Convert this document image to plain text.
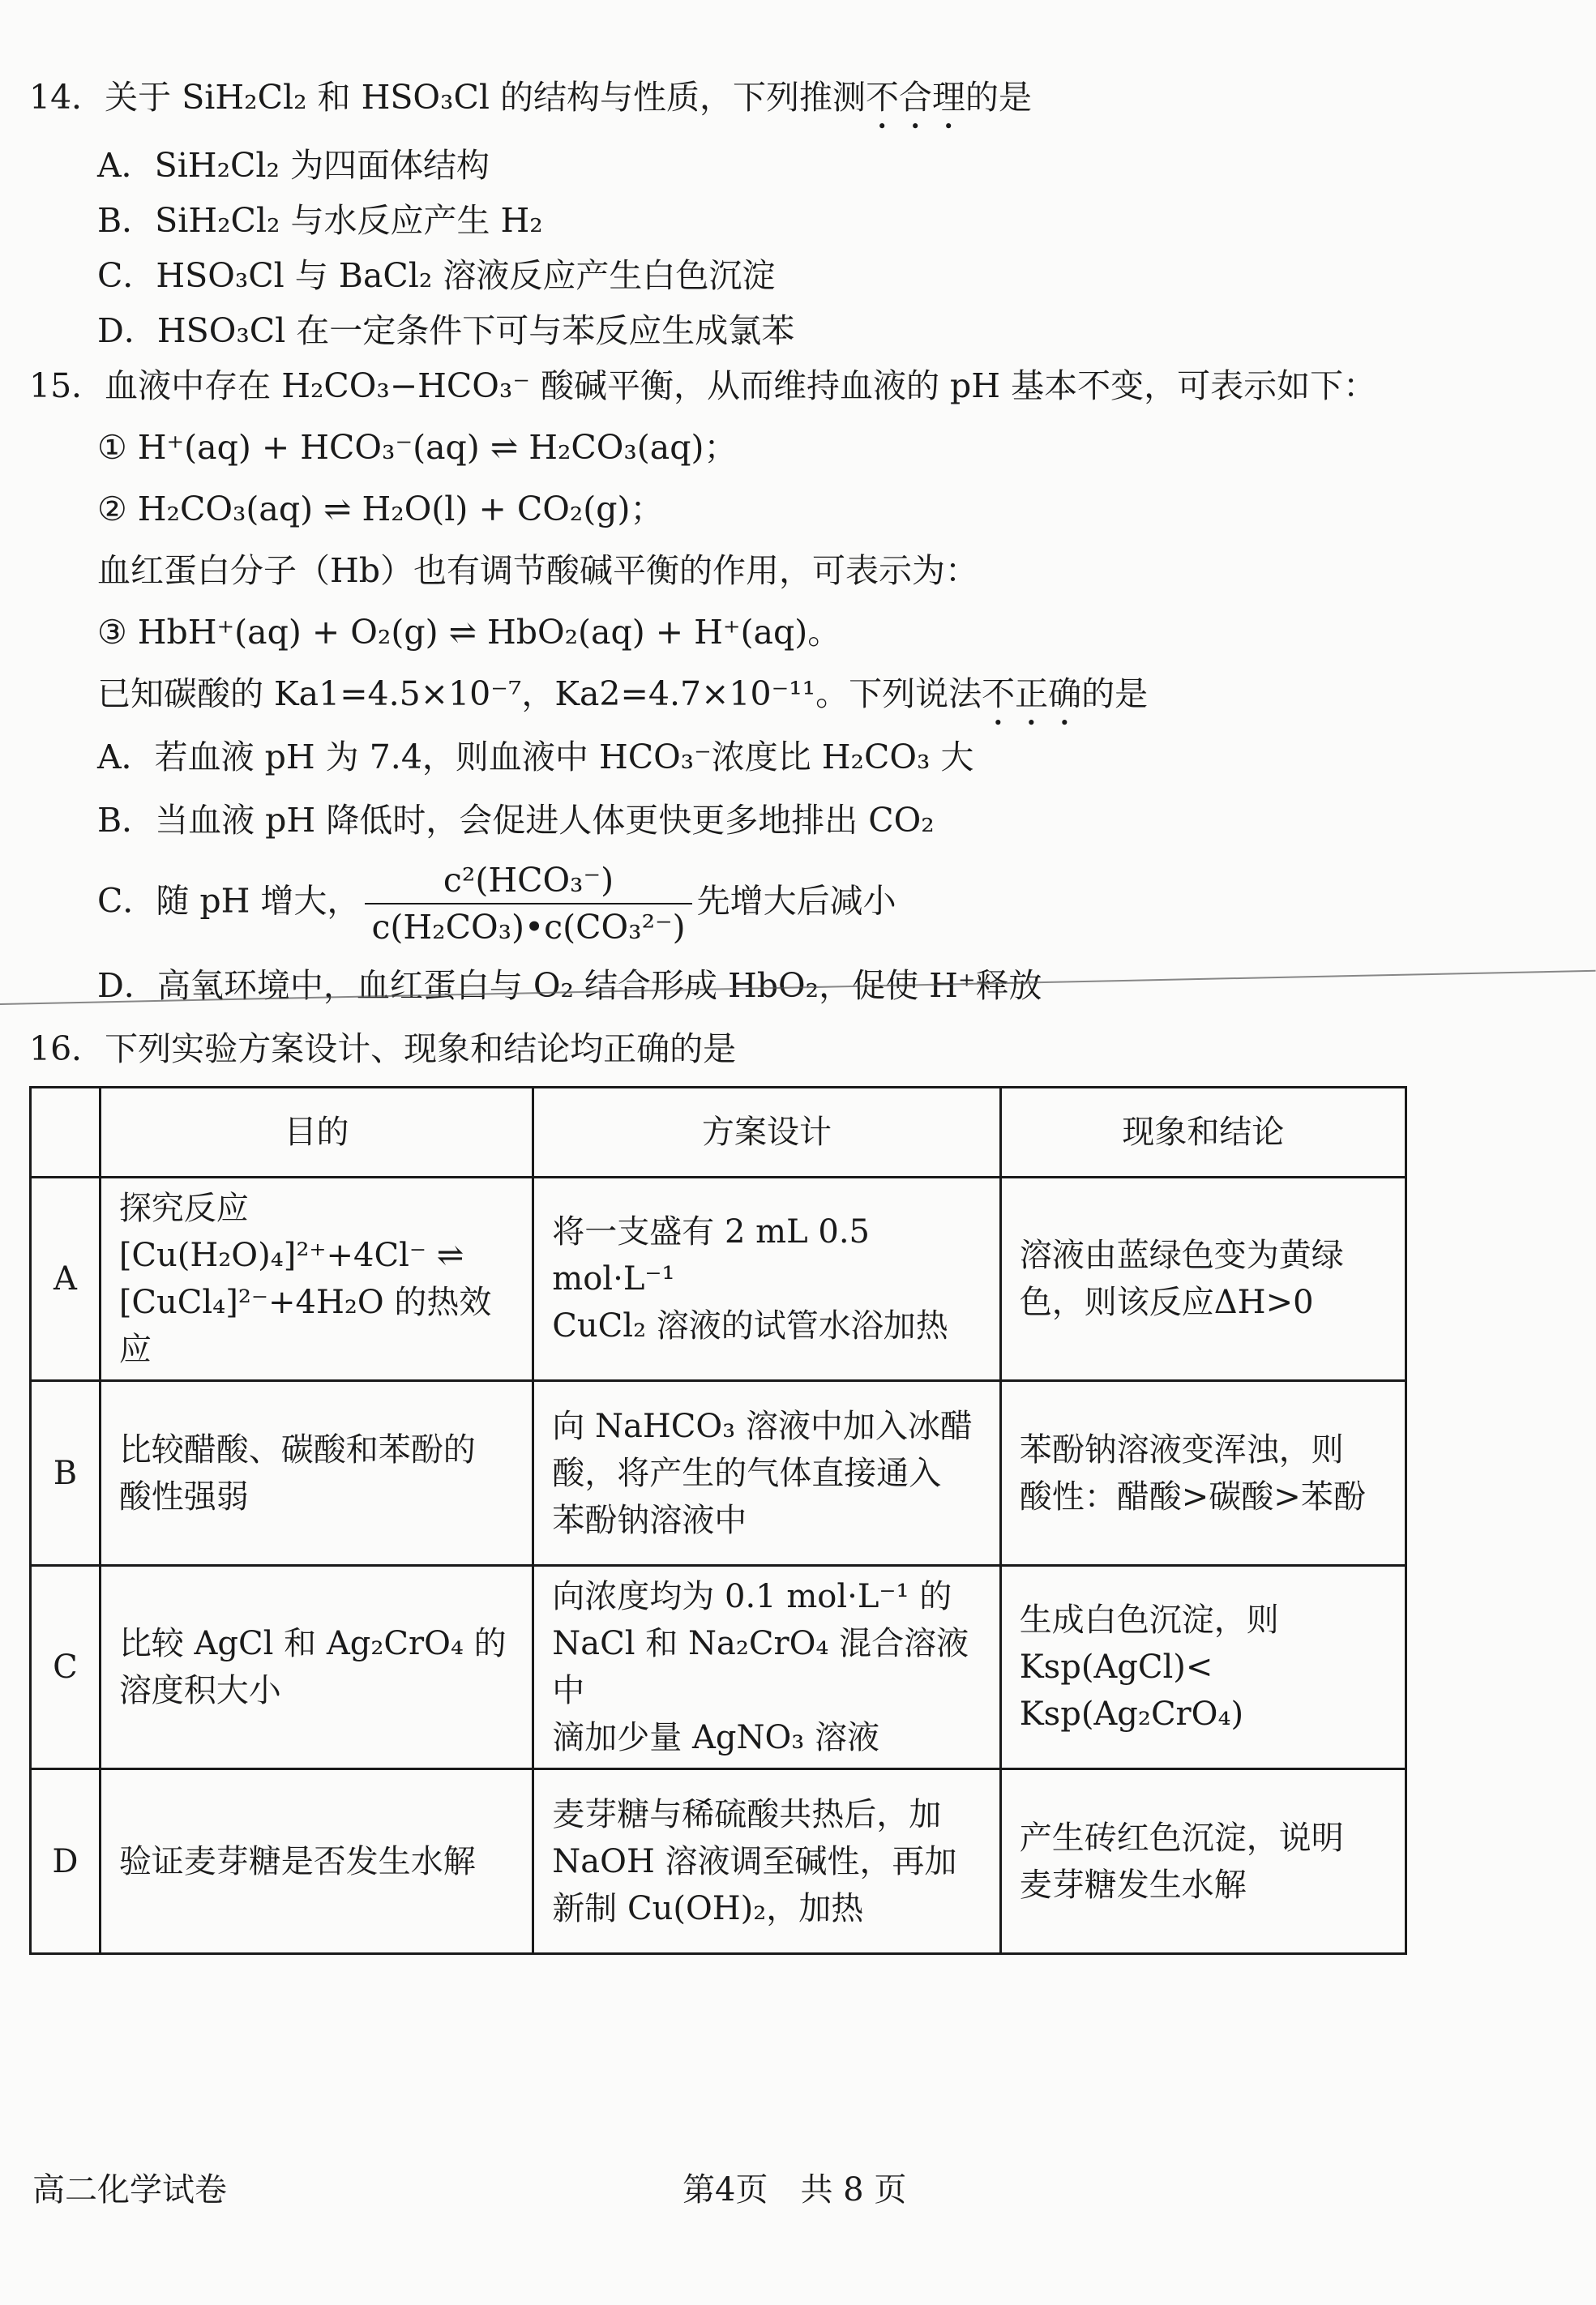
14．关于 SiH₂Cl₂ 和 HSO₃Cl 的结构与性质，下列推测不合理的是
A．SiH₂Cl₂ 为四面体结构
B．SiH₂Cl₂ 与水反应产生 H₂
C．HSO₃Cl 与 BaCl₂ 溶液反应产生白色沉淀
D．HSO₃Cl 在一定条件下可与苯反应生成氯苯
15．血液中存在 H₂CO₃−HCO₃⁻ 酸碱平衡，从而维持血液的 pH 基本不变，可表示如下：
① H⁺(aq) + HCO₃⁻(aq) ⇌ H₂CO₃(aq)；
② H₂CO₃(aq) ⇌ H₂O(l) + CO₂(g)；
血红蛋白分子（Hb）也有调节酸碱平衡的作用，可表示为：
③ HbH⁺(aq) + O₂(g) ⇌ HbO₂(aq) + H⁺(aq)。
已知碳酸的 Ka1=4.5×10⁻⁷，Ka2=4.7×10⁻¹¹。下列说法不正确的是
A．若血液 pH 为 7.4，则血液中 HCO₃⁻浓度比 H₂CO₃ 大
B．当血液 pH 降低时，会促进人体更快更多地排出 CO₂
C．随 pH 增大， $\frac{\text{c²(HCO₃⁻)}}{\text{c(H₂CO₃)•c(CO₃²⁻)}}$ 先增大后减小
D．高氧环境中，血红蛋白与 O₂ 结合形成 HbO₂，促使 H⁺释放
16．下列实验方案设计、现象和结论均正确的是
	目的	方案设计	现象和结论
A	探究反应
[Cu(H₂O)₄]²⁺+4Cl⁻ ⇌
[CuCl₄]²⁻+4H₂O 的热效应	将一支盛有 2 mL 0.5 mol·L⁻¹
CuCl₂ 溶液的试管水浴加热	溶液由蓝绿色变为黄绿
色，则该反应ΔH>0
B	比较醋酸、碳酸和苯酚的
酸性强弱	向 NaHCO₃ 溶液中加入冰醋
酸，将产生的气体直接通入
苯酚钠溶液中	苯酚钠溶液变浑浊，则
酸性：醋酸>碳酸>苯酚
C	比较 AgCl 和 Ag₂CrO₄ 的
溶度积大小	向浓度均为 0.1 mol·L⁻¹ 的
NaCl 和 Na₂CrO₄ 混合溶液中
滴加少量 AgNO₃ 溶液	生成白色沉淀，则
Ksp(AgCl)< Ksp(Ag₂CrO₄)
D	验证麦芽糖是否发生水解	麦芽糖与稀硫酸共热后，加
NaOH 溶液调至碱性，再加
新制 Cu(OH)₂，加热	产生砖红色沉淀，说明
麦芽糖发生水解
高二化学试卷	第4页　共 8 页
